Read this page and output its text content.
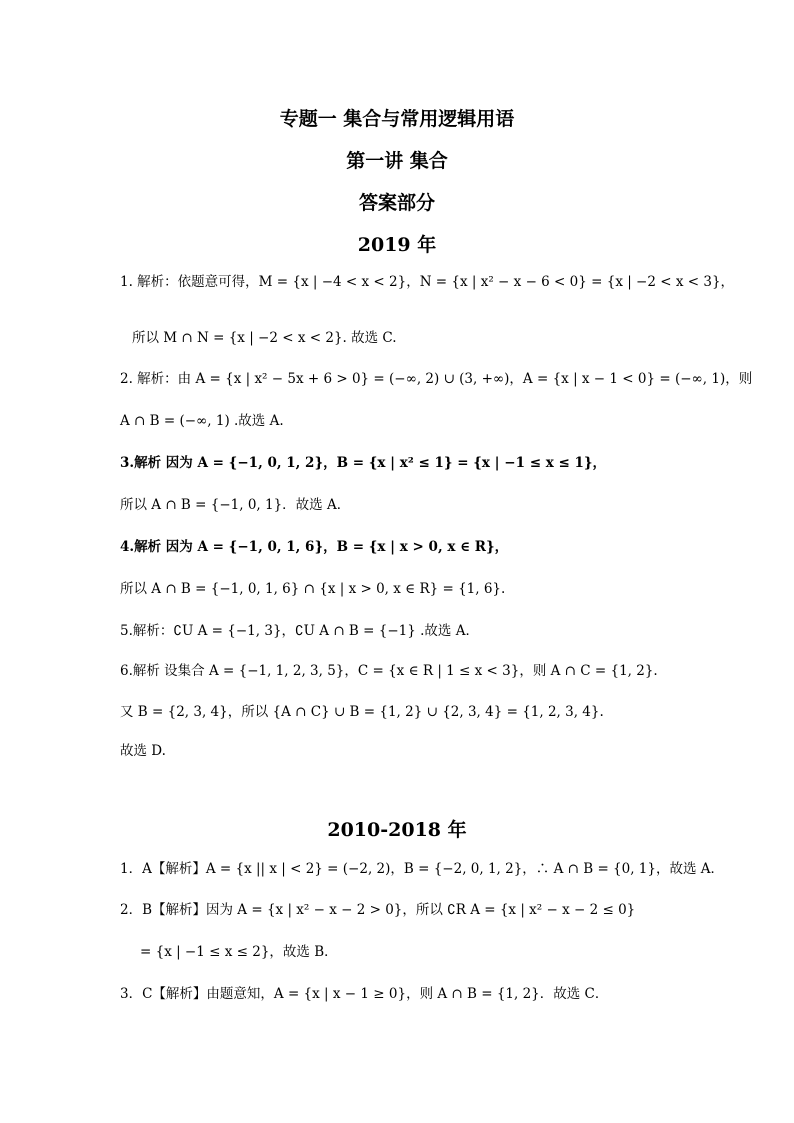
专题一 集合与常用逻辑用语
第一讲 集合
答案部分
2019 年
1. 解析：依题意可得，M = {x | −4 < x < 2}，N = {x | x² − x − 6 < 0} = {x | −2 < x < 3}，
所以 M ∩ N = {x | −2 < x < 2}. 故选 C.
2. 解析：由 A = {x | x² − 5x + 6 > 0} = (−∞, 2) ∪ (3, +∞)，A = {x | x − 1 < 0} = (−∞, 1)，则
A ∩ B = (−∞, 1) .故选 A.
3.解析 因为 A = {−1, 0, 1, 2}，B = {x | x² ≤ 1} = {x | −1 ≤ x ≤ 1}，
所以 A ∩ B = {−1, 0, 1}．故选 A．
4.解析 因为 A = {−1, 0, 1, 6}，B = {x | x > 0, x ∈ R}，
所以 A ∩ B = {−1, 0, 1, 6} ∩ {x | x > 0, x ∈ R} = {1, 6}.
5.解析：∁U A = {−1, 3}，∁U A ∩ B = {−1} .故选 A．
6.解析 设集合 A = {−1, 1, 2, 3, 5}，C = {x ∈ R | 1 ≤ x < 3}，则 A ∩ C = {1, 2}.
又 B = {2, 3, 4}，所以 {A ∩ C} ∪ B = {1, 2} ∪ {2, 3, 4} = {1, 2, 3, 4}.
故选 D.
2010-2018 年
1．A【解析】A = {x || x | < 2} = (−2, 2)，B = {−2, 0, 1, 2}，∴ A ∩ B = {0, 1}，故选 A．
2．B【解析】因为 A = {x | x² − x − 2 > 0}，所以 ∁R A = {x | x² − x − 2 ≤ 0}
= {x | −1 ≤ x ≤ 2}，故选 B．
3．C【解析】由题意知，A = {x | x − 1 ≥ 0}，则 A ∩ B = {1, 2}．故选 C．
